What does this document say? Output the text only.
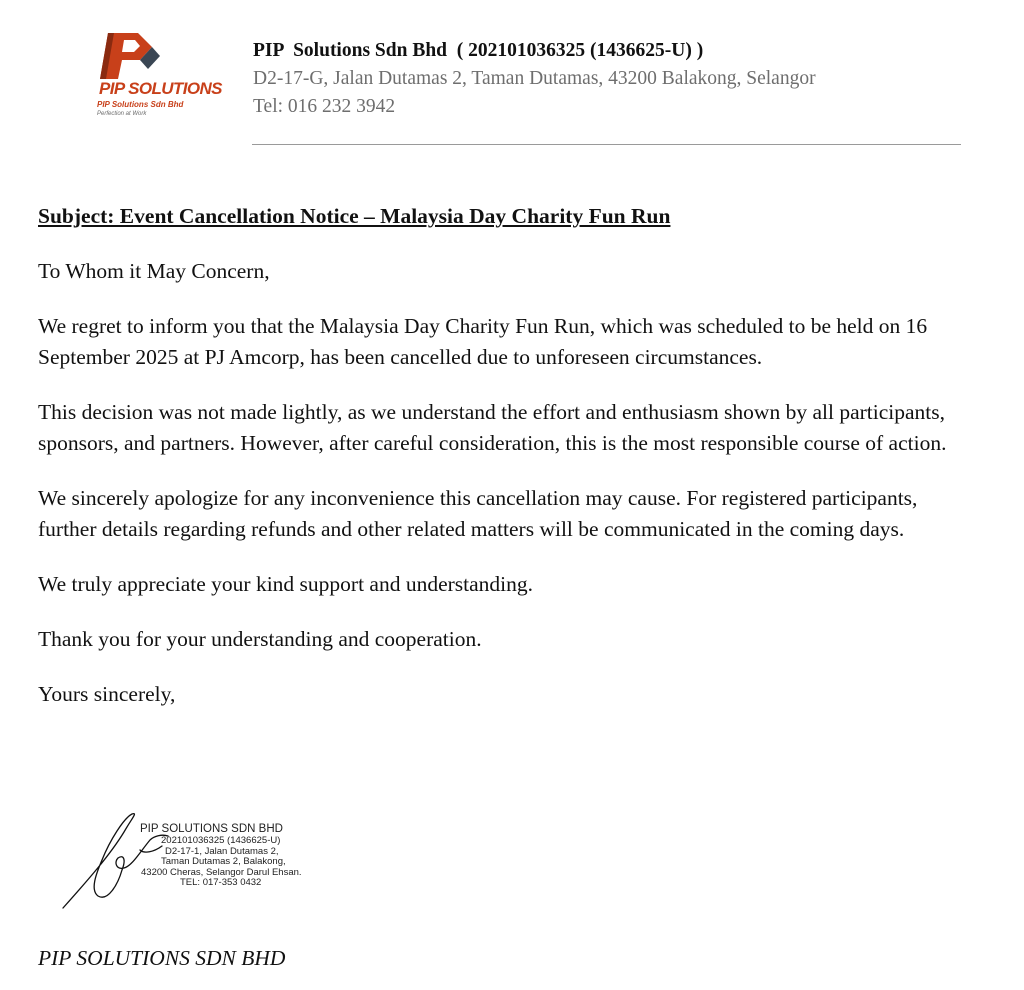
PIP SOLUTIONS
PIP Solutions Sdn Bhd
Perfection at Work
PIP  Solutions Sdn Bhd  ( 202101036325 (1436625-U) )
D2-17-G, Jalan Dutamas 2, Taman Dutamas, 43200 Balakong, Selangor
Tel: 016 232 3942
Subject: Event Cancellation Notice – Malaysia Day Charity Fun Run

To Whom it May Concern,

We regret to inform you that the Malaysia Day Charity Fun Run, which was scheduled to be held on 16 September 2025 at PJ Amcorp, has been cancelled due to unforeseen circumstances.

This decision was not made lightly, as we understand the effort and enthusiasm shown by all participants, sponsors, and partners. However, after careful consideration, this is the most responsible course of action.

We sincerely apologize for any inconvenience this cancellation may cause. For registered participants, further details regarding refunds and other related matters will be communicated in the coming days.

We truly appreciate your kind support and understanding.

Thank you for your understanding and cooperation.

Yours sincerely,

PIP SOLUTIONS SDN BHD
202101036325 (1436625-U)
D2-17-1, Jalan Dutamas 2,
Taman Dutamas 2, Balakong,
43200 Cheras, Selangor Darul Ehsan.
TEL: 017-353 0432
PIP SOLUTIONS SDN BHD
